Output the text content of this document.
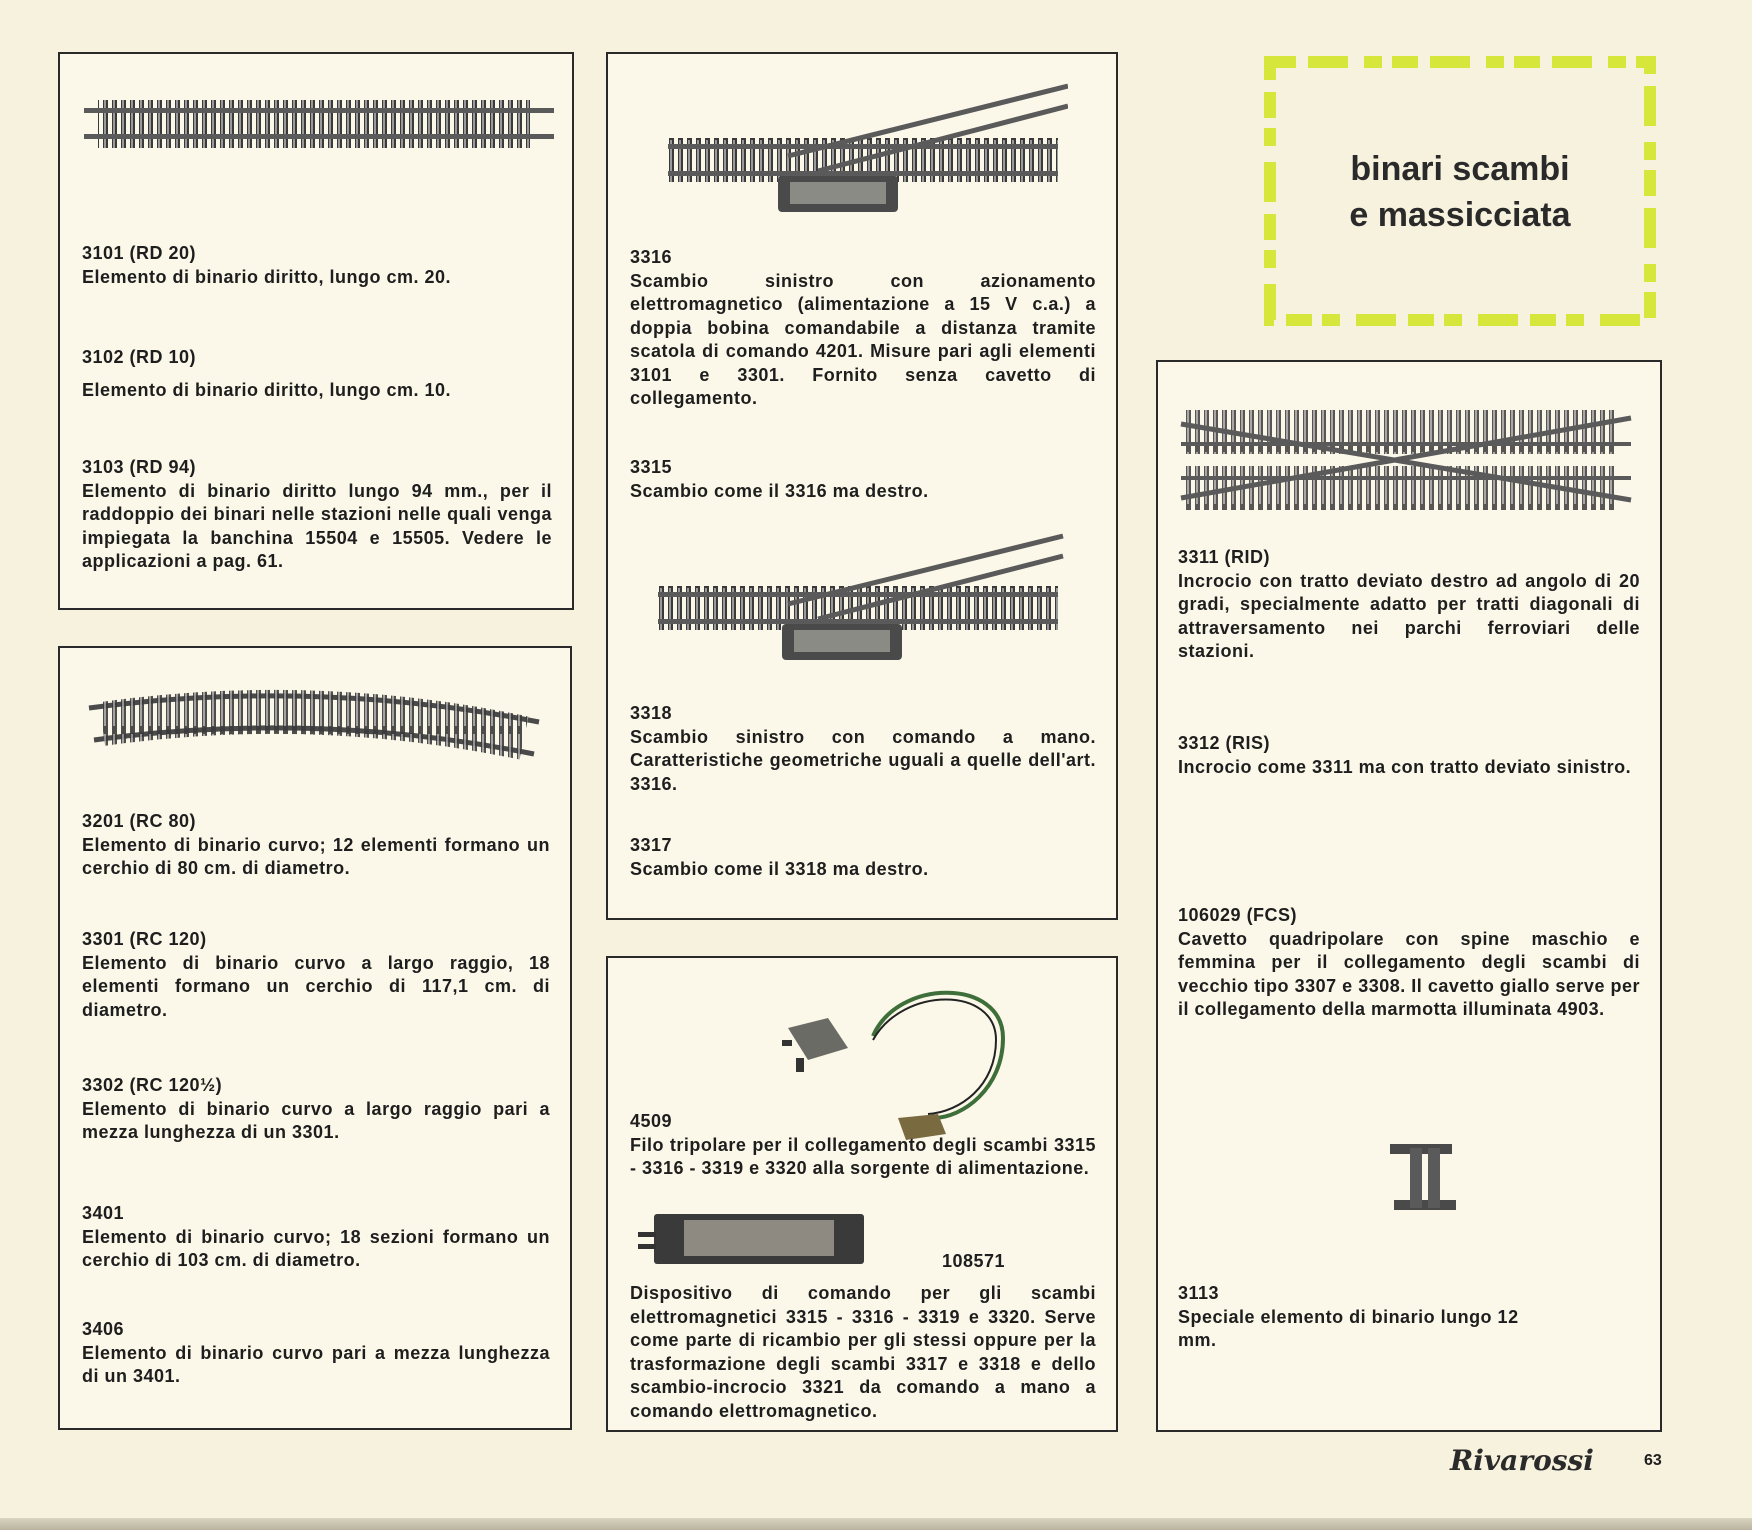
3101 (RD 20)
Elemento di binario diritto, lungo cm. 20.
3102 (RD 10)
Elemento di binario diritto, lungo cm. 10.
3103 (RD 94)
Elemento di binario diritto lungo 94 mm., per il raddoppio dei binari nelle stazioni nelle quali venga impiegata la banchina 15504 e 15505. Vedere le applicazioni a pag. 61.
3201 (RC 80)
Elemento di binario curvo; 12 elementi formano un cerchio di 80 cm. di diametro.
3301 (RC 120)
Elemento di binario curvo a largo raggio, 18 elementi formano un cerchio di 117,1 cm. di diametro.
3302 (RC 120½)
Elemento di binario curvo a largo raggio pari a mezza lunghezza di un 3301.
3401
Elemento di binario curvo; 18 sezioni formano un cerchio di 103 cm. di diametro.
3406
Elemento di binario curvo pari a mezza lunghezza di un 3401.
3316
Scambio sinistro con azionamento elettromagnetico (alimentazione a 15 V c.a.) a doppia bobina comandabile a distanza tramite scatola di comando 4201. Misure pari agli elementi 3101 e 3301. Fornito senza cavetto di collegamento.
3315
Scambio come il 3316 ma destro.
3318
Scambio sinistro con comando a mano. Caratteristiche geometriche uguali a quelle dell'art. 3316.
3317
Scambio come il 3318 ma destro.
4509
Filo tripolare per il collegamento degli scambi 3315 - 3316 - 3319 e 3320 alla sorgente di alimentazione.
108571
Dispositivo di comando per gli scambi elettromagnetici 3315 - 3316 - 3319 e 3320. Serve come parte di ricambio per gli stessi oppure per la trasformazione degli scambi 3317 e 3318 e dello scambio-incrocio 3321 da comando a mano a comando elettromagnetico.
binari scambi
e massicciata
3311 (RID)
Incrocio con tratto deviato destro ad angolo di 20 gradi, specialmente adatto per tratti diagonali di attraversamento nei parchi ferroviari delle stazioni.
3312 (RIS)
Incrocio come 3311 ma con tratto deviato sinistro.
106029 (FCS)
Cavetto quadripolare con spine maschio e femmina per il collegamento degli scambi di vecchio tipo 3307 e 3308. Il cavetto giallo serve per il collegamento della marmotta illuminata 4903.
3113
Speciale elemento di binario lungo 12 mm.
Rivarossi	63
